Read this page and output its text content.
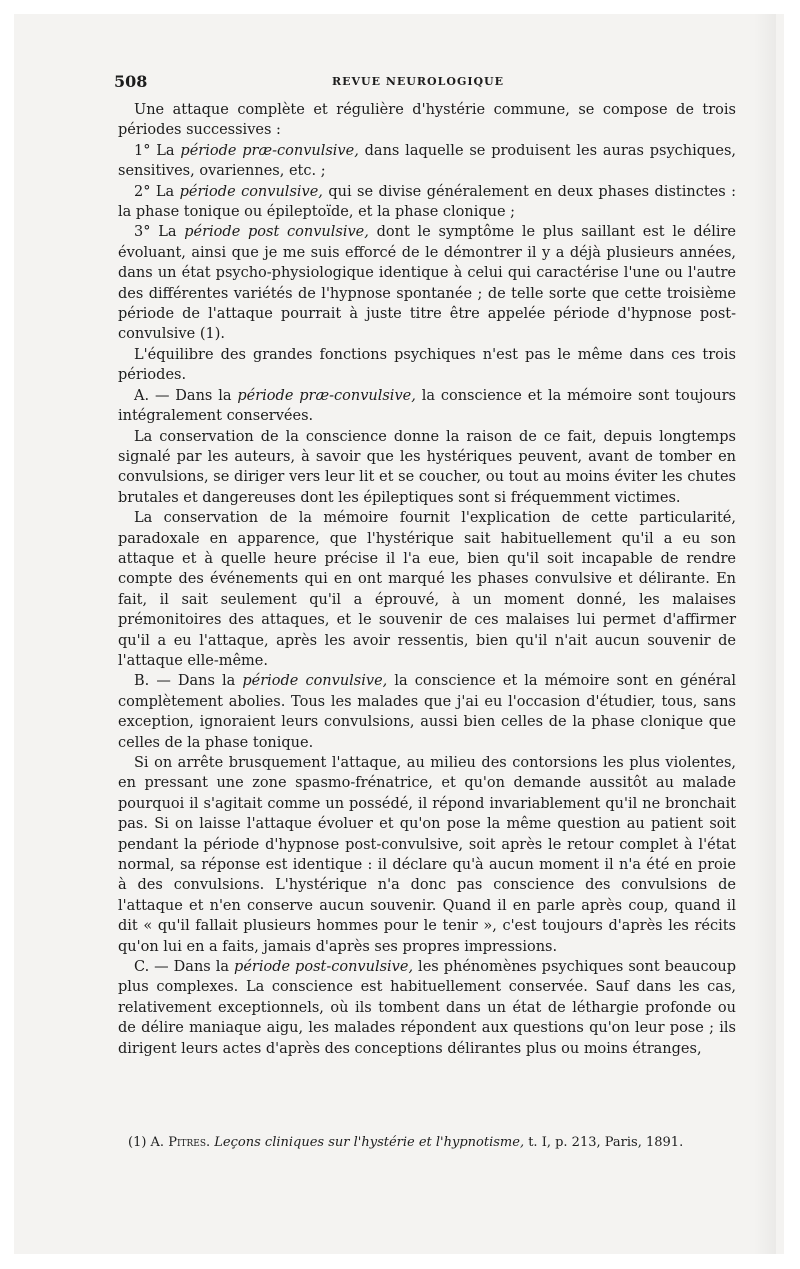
508	REVUE NEUROLOGIQUE

Une attaque complète et régulière d'hystérie commune, se compose de trois périodes successives :

1° La période præ-convulsive, dans laquelle se produisent les auras psychiques, sensitives, ovariennes, etc. ;

2° La période convulsive, qui se divise généralement en deux phases distinctes : la phase tonique ou épileptoïde, et la phase clonique ;

3° La période post convulsive, dont le symptôme le plus saillant est le délire évoluant, ainsi que je me suis efforcé de le démontrer il y a déjà plusieurs années, dans un état psycho-physiologique identique à celui qui caractérise l'une ou l'autre des différentes variétés de l'hypnose spontanée ; de telle sorte que cette troisième période de l'attaque pourrait à juste titre être appelée période d'hypnose post-convulsive (1).

L'équilibre des grandes fonctions psychiques n'est pas le même dans ces trois périodes.

A. — Dans la période præ-convulsive, la conscience et la mémoire sont toujours intégralement conservées.

La conservation de la conscience donne la raison de ce fait, depuis longtemps signalé par les auteurs, à savoir que les hystériques peuvent, avant de tomber en convulsions, se diriger vers leur lit et se coucher, ou tout au moins éviter les chutes brutales et dangereuses dont les épileptiques sont si fréquemment victimes.

La conservation de la mémoire fournit l'explication de cette particularité, paradoxale en apparence, que l'hystérique sait habituellement qu'il a eu son attaque et à quelle heure précise il l'a eue, bien qu'il soit incapable de rendre compte des événements qui en ont marqué les phases convulsive et délirante. En fait, il sait seulement qu'il a éprouvé, à un moment donné, les malaises prémonitoires des attaques, et le souvenir de ces malaises lui permet d'affirmer qu'il a eu l'attaque, après les avoir ressentis, bien qu'il n'ait aucun souvenir de l'attaque elle-même.

B. — Dans la période convulsive, la conscience et la mémoire sont en général complètement abolies. Tous les malades que j'ai eu l'occasion d'étudier, tous, sans exception, ignoraient leurs convulsions, aussi bien celles de la phase clonique que celles de la phase tonique.

Si on arrête brusquement l'attaque, au milieu des contorsions les plus violentes, en pressant une zone spasmo-frénatrice, et qu'on demande aussitôt au malade pourquoi il s'agitait comme un possédé, il répond invariablement qu'il ne bronchait pas. Si on laisse l'attaque évoluer et qu'on pose la même question au patient soit pendant la période d'hypnose post-convulsive, soit après le retour complet à l'état normal, sa réponse est identique : il déclare qu'à aucun moment il n'a été en proie à des convulsions. L'hystérique n'a donc pas conscience des convulsions de l'attaque et n'en conserve aucun souvenir. Quand il en parle après coup, quand il dit « qu'il fallait plusieurs hommes pour le tenir », c'est toujours d'après les récits qu'on lui en a faits, jamais d'après ses propres impressions.

C. — Dans la période post-convulsive, les phénomènes psychiques sont beaucoup plus complexes. La conscience est habituellement conservée. Sauf dans les cas, relativement exceptionnels, où ils tombent dans un état de léthargie profonde ou de délire maniaque aigu, les malades répondent aux questions qu'on leur pose ; ils dirigent leurs actes d'après des conceptions délirantes plus ou moins étranges,

(1) A. Pitres. Leçons cliniques sur l'hystérie et l'hypnotisme, t. I, p. 213, Paris, 1891.
